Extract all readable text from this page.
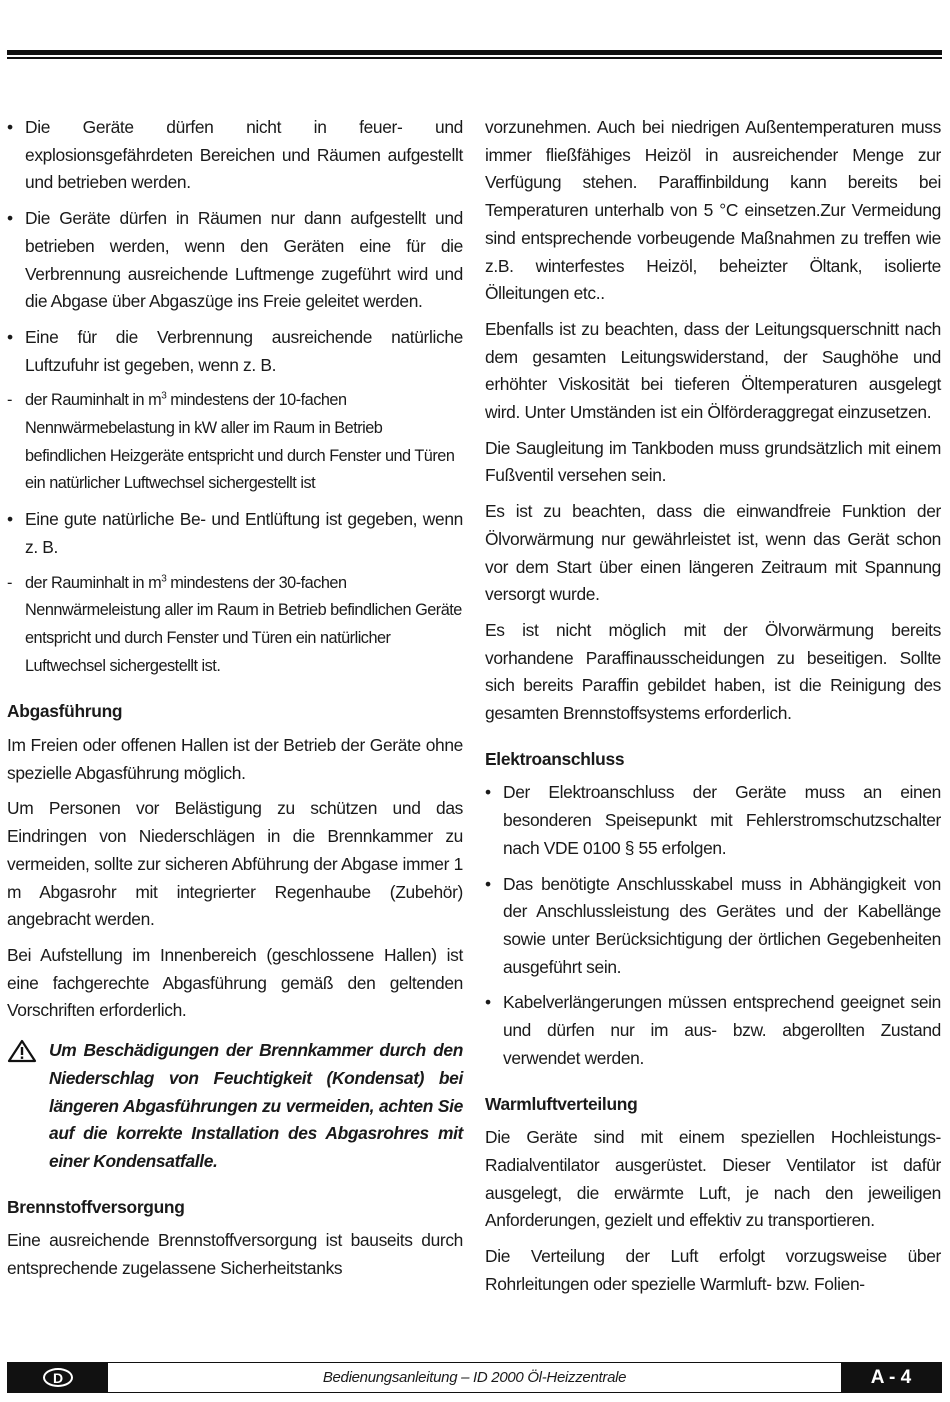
• Die Geräte dürfen nicht in feuer- und explosionsgefährdeten Bereichen und Räumen aufgestellt und betrieben werden.
• Die Geräte dürfen in Räumen nur dann aufgestellt und betrieben werden, wenn den Geräten eine für die Verbrennung ausreichende Luftmenge zugeführt wird und die Abgase über Abgaszüge ins Freie geleitet werden.
• Eine für die Verbrennung ausreichende natürliche Luftzufuhr ist gegeben, wenn z. B.
- der Rauminhalt in $m^3$ mindestens der 10-fachen Nennwärmebelastung in kW aller im Raum in Betrieb befindlichen Heizgeräte entspricht und durch Fenster und Türen ein natürlicher Luftwechsel sichergestellt ist
• Eine gute natürliche Be- und Entlüftung ist gegeben, wenn z. B.
- der Rauminhalt in $m^3$ mindestens der 30-fachen Nennwärmeleistung aller im Raum in Betrieb befindlichen Geräte entspricht und durch Fenster und Türen ein natürlicher Luftwechsel sichergestellt ist.
Abgasführung

Im Freien oder offenen Hallen ist der Betrieb der Geräte ohne spezielle Abgasführung möglich.

Um Personen vor Belästigung zu schützen und das Eindringen von Niederschlägen in die Brennkammer zu vermeiden, sollte zur sicheren Abführung der Abgase immer 1 m Abgasrohr mit integrierter Regenhaube (Zubehör) angebracht werden.

Bei Aufstellung im Innenbereich (geschlossene Hallen) ist eine fachgerechte Abgasführung gemäß den geltenden Vorschriften erforderlich.

Um Beschädigungen der Brennkammer durch den Niederschlag von Feuchtigkeit (Kondensat) bei längeren Abgasführungen zu vermeiden, achten Sie auf die korrekte Installation des Abgasrohres mit einer Kondensatfalle.
Brennstoffversorgung

Eine ausreichende Brennstoffversorgung ist bauseits durch entsprechende zugelassene Sicherheitstanks

vorzunehmen. Auch bei niedrigen Außentemperaturen muss immer fließfähiges Heizöl in ausreichender Menge zur Verfügung stehen. Paraffinbildung kann bereits bei Temperaturen unterhalb von 5 °C einsetzen.Zur Vermeidung sind entsprechende vorbeugende Maßnahmen zu treffen wie z.B. winterfestes Heizöl, beheizter Öltank, isolierte Ölleitungen etc..

Ebenfalls ist zu beachten, dass der Leitungsquerschnitt nach dem gesamten Leitungswiderstand, der Saughöhe und erhöhter Viskosität bei tieferen Öltemperaturen ausgelegt wird. Unter Umständen ist ein Ölförderaggregat einzusetzen.

Die Saugleitung im Tankboden muss grundsätzlich mit einem Fußventil versehen sein.

Es ist zu beachten, dass die einwandfreie Funktion der Ölvorwärmung nur gewährleistet ist, wenn das Gerät schon vor dem Start über einen längeren Zeitraum mit Spannung versorgt wurde.

Es ist nicht möglich mit der Ölvorwärmung bereits vorhandene Paraffinausscheidungen zu beseitigen. Sollte sich bereits Paraffin gebildet haben, ist die Reinigung des gesamten Brennstoffsystems erforderlich.

Elektroanschluss
• Der Elektroanschluss der Geräte muss an einen besonderen Speisepunkt mit Fehlerstromschutzschalter nach VDE 0100 § 55 erfolgen.
• Das benötigte Anschlusskabel muss in Abhängigkeit von der Anschlussleistung des Gerätes und der Kabellänge sowie unter Berücksichtigung der örtlichen Gegebenheiten ausgeführt sein.
• Kabelverlängerungen müssen entsprechend geeignet sein und dürfen nur im aus- bzw. abgerollten Zustand verwendet werden.
Warmluftverteilung

Die Geräte sind mit einem speziellen Hochleistungs-Radialventilator ausgerüstet. Dieser Ventilator ist dafür ausgelegt, die erwärmte Luft, je nach den jeweiligen Anforderungen, gezielt und effektiv zu transportieren.

Die Verteilung der Luft erfolgt vorzugsweise über Rohrleitungen oder spezielle Warmluft- bzw. Folien-

D	Bedienungsanleitung – ID 2000 Öl-Heizzentrale	A - 4
